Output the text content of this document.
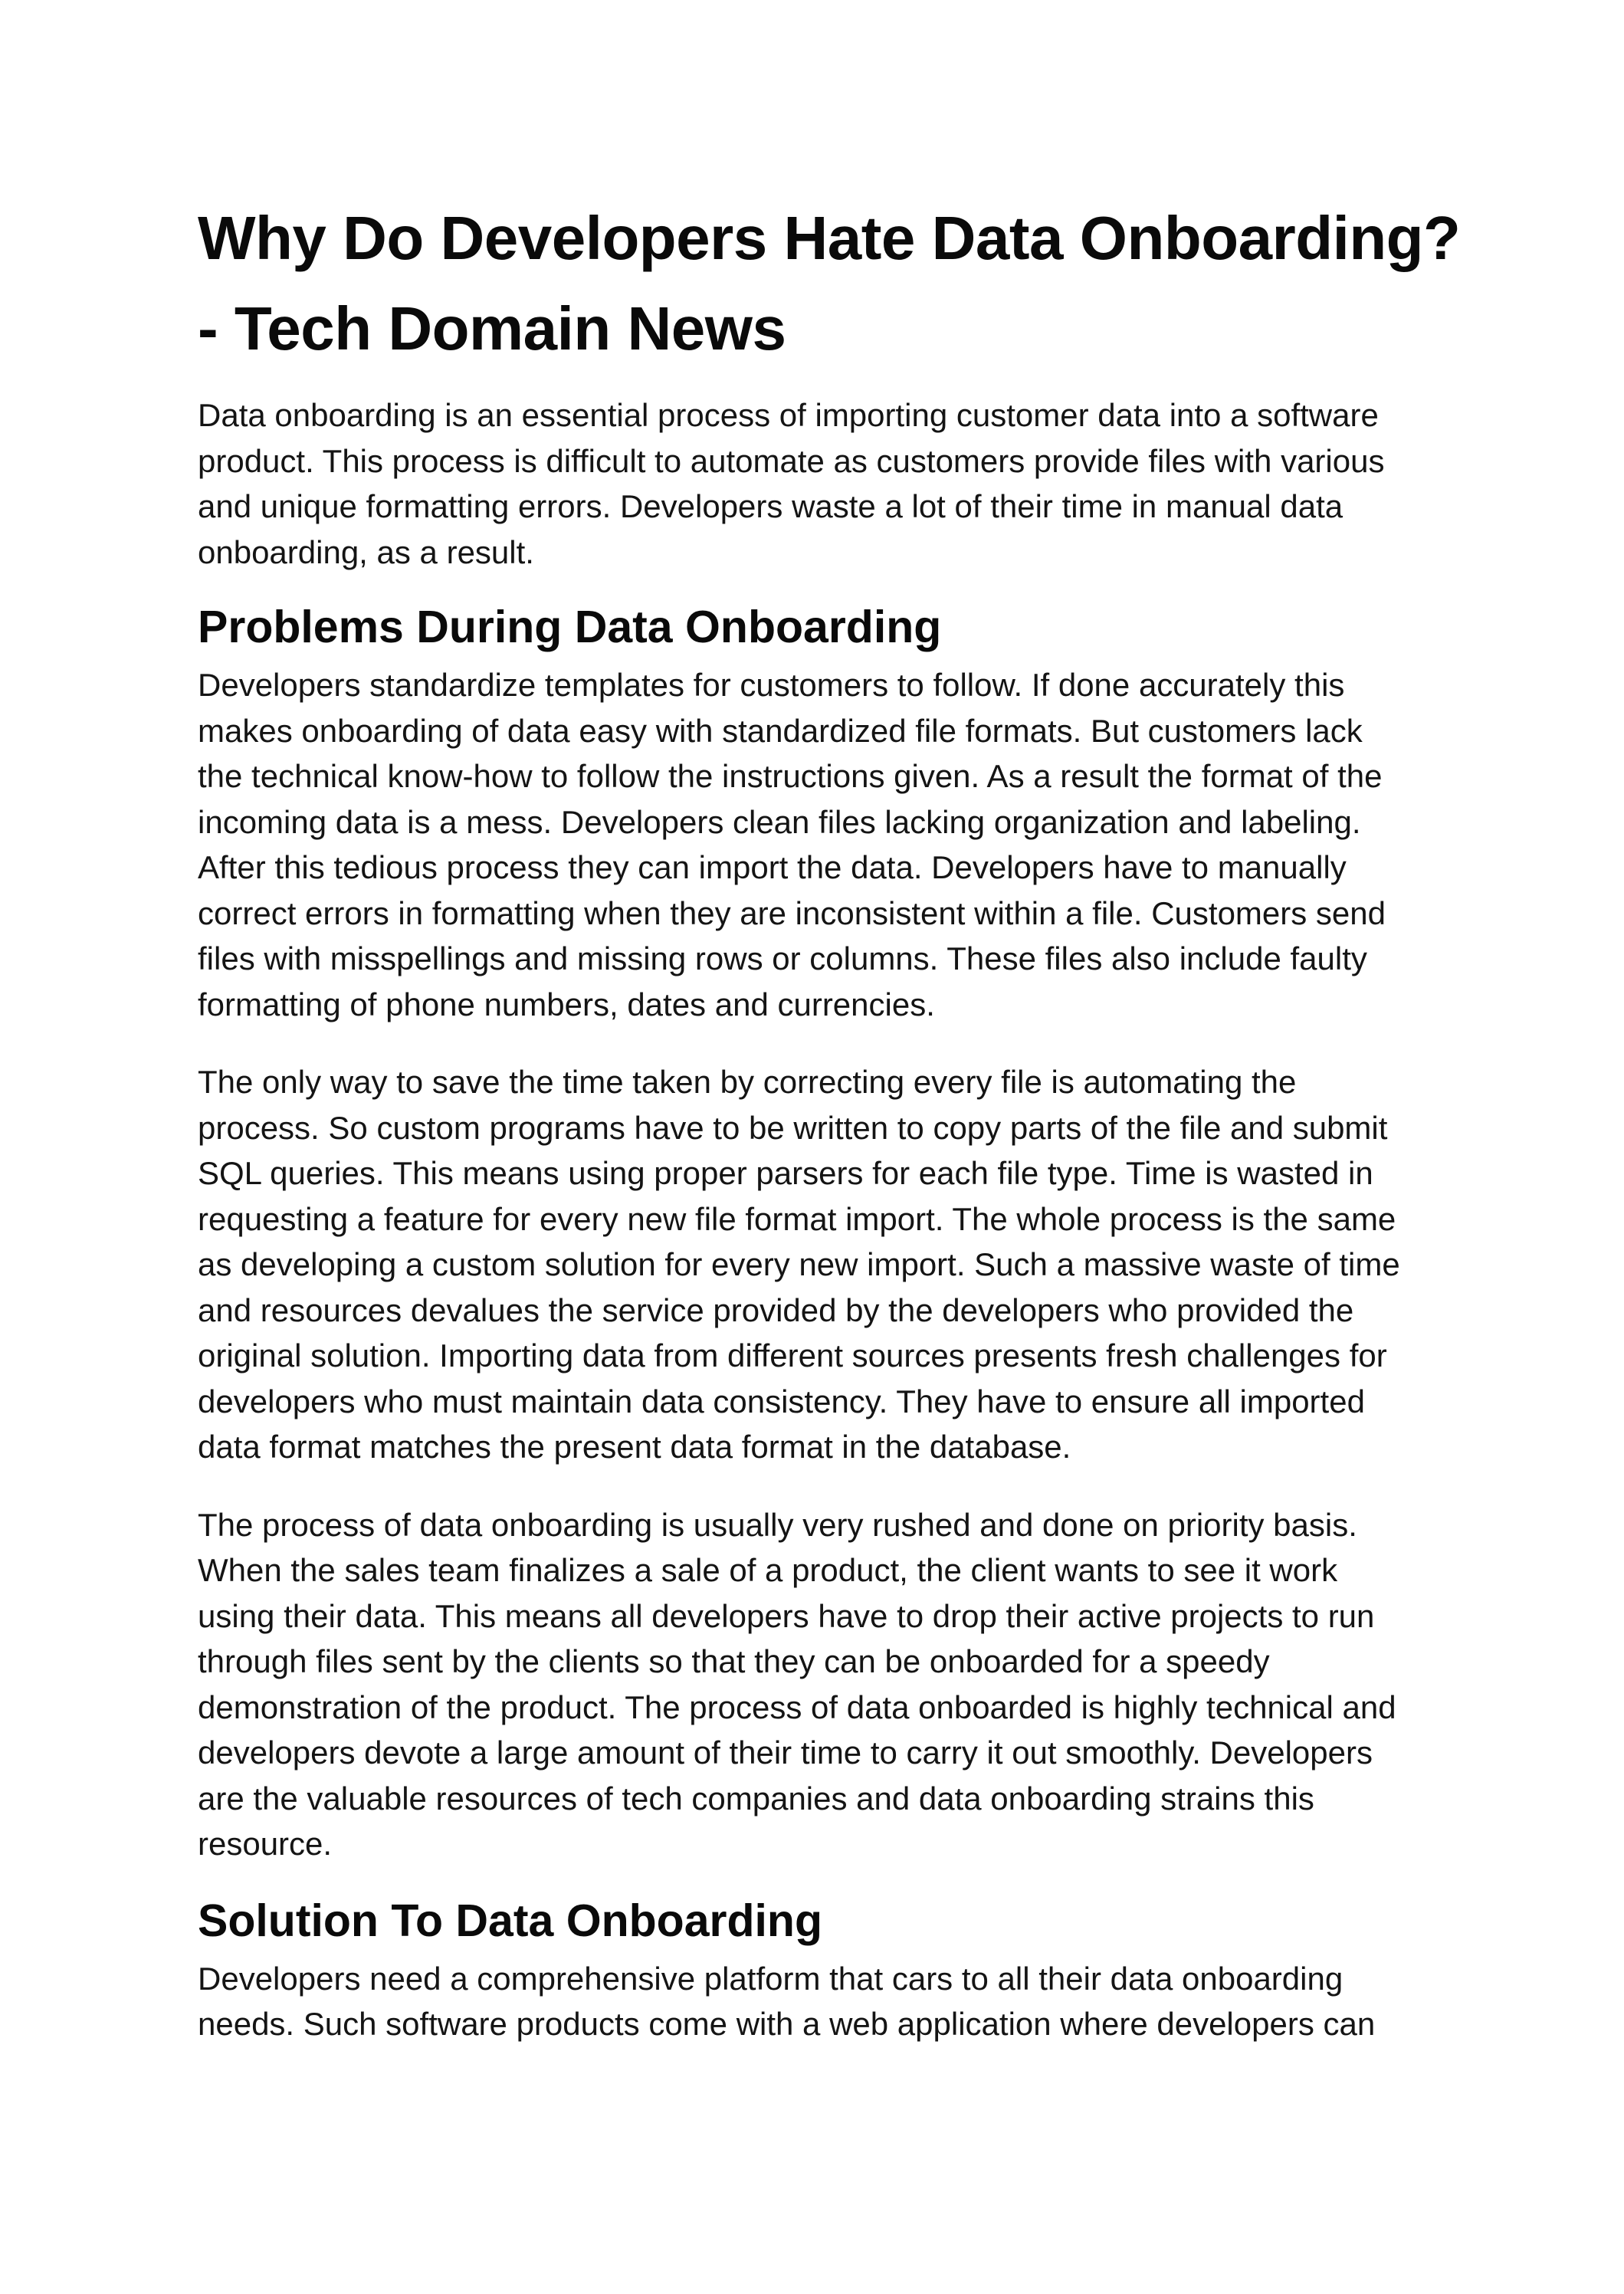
Why Do Developers Hate Data Onboarding?
- Tech Domain News

Data onboarding is an essential process of importing customer data into a software
product. This process is difficult to automate as customers provide files with various
and unique formatting errors. Developers waste a lot of their time in manual data
onboarding, as a result.

Problems During Data Onboarding

Developers standardize templates for customers to follow. If done accurately this
makes onboarding of data easy with standardized file formats. But customers lack
the technical know-how to follow the instructions given. As a result the format of the
incoming data is a mess. Developers clean files lacking organization and labeling.
After this tedious process they can import the data. Developers have to manually
correct errors in formatting when they are inconsistent within a file. Customers send
files with misspellings and missing rows or columns. These files also include faulty
formatting of phone numbers, dates and currencies.

The only way to save the time taken by correcting every file is automating the
process. So custom programs have to be written to copy parts of the file and submit
SQL queries. This means using proper parsers for each file type. Time is wasted in
requesting a feature for every new file format import. The whole process is the same
as developing a custom solution for every new import. Such a massive waste of time
and resources devalues the service provided by the developers who provided the
original solution. Importing data from different sources presents fresh challenges for
developers who must maintain data consistency. They have to ensure all imported
data format matches the present data format in the database.

The process of data onboarding is usually very rushed and done on priority basis.
When the sales team finalizes a sale of a product, the client wants to see it work
using their data. This means all developers have to drop their active projects to run
through files sent by the clients so that they can be onboarded for a speedy
demonstration of the product. The process of data onboarded is highly technical and
developers devote a large amount of their time to carry it out smoothly. Developers
are the valuable resources of tech companies and data onboarding strains this
resource.

Solution To Data Onboarding

Developers need a comprehensive platform that cars to all their data onboarding
needs. Such software products come with a web application where developers can
